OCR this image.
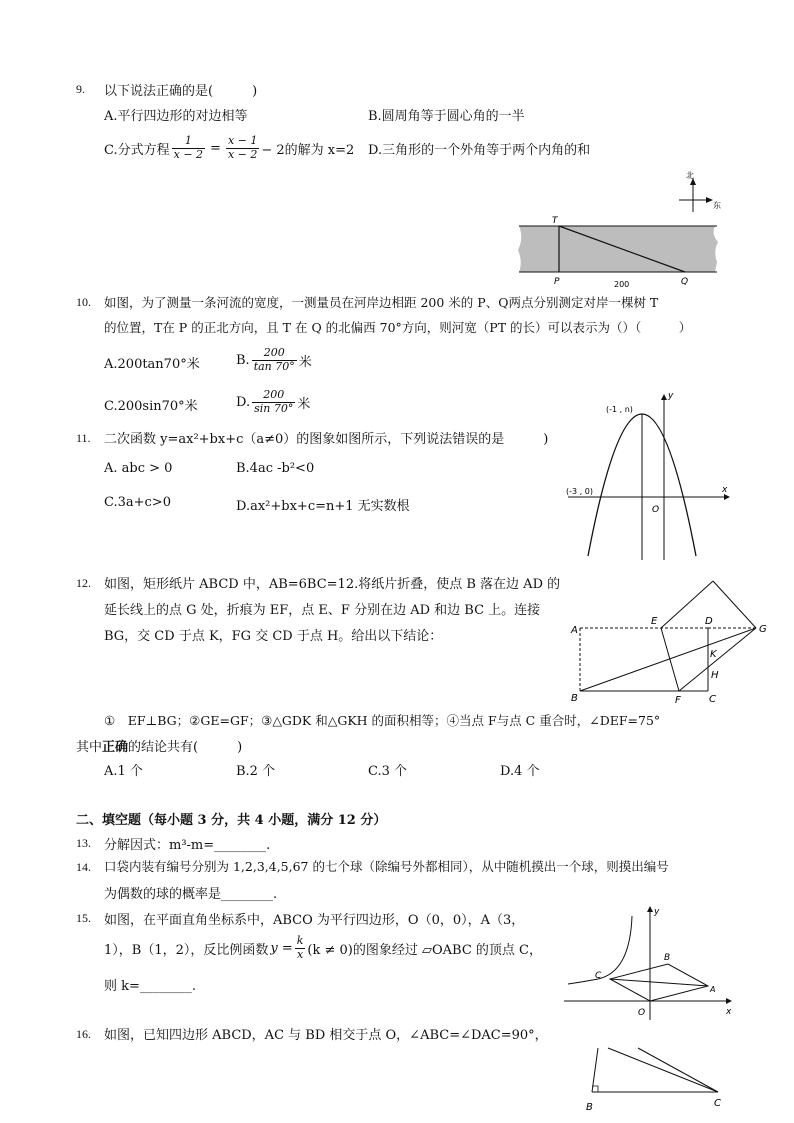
9. 以下说法正确的是(　　　)
A.平行四边形的对边相等	B.圆周角等于圆心角的一半
C.分式方程 $\frac{1}{x - 2} = \frac{x - 1}{x - 2} - 2$的解为 x=2 D.三角形的一个外角等于两个内角的和
北
东
T
P	Q
200
10. 如图，为了测量一条河流的宽度，一测量员在河岸边相距 200 米的 P、Q两点分别测定对岸一棵树 T
的位置，T在 P 的正北方向，且 T 在 Q 的北偏西 70°方向，则河宽（PT 的长）可以表示为（）（　　　）
A.200tan70°米	B. $\frac{200}{\tan 70^\circ}$ 米
C.200sin70°米	D. $\frac{200}{\sin 70^\circ}$ 米	(-1 , n)
(-3 , 0)
y
x
O
11. 二次函数 y=ax²+bx+c（a≠0）的图象如图所示，下列说法错误的是　　　)
A. abc > 0	B.4ac -b²<0
C.3a+c>0	D.ax²+bx+c=n+1 无实数根
A
B	C
D
E
F
G
H
K
12. 如图，矩形纸片 ABCD 中，AB=6BC=12.将纸片折叠，使点 B 落在边 AD 的
延长线上的点 G 处，折痕为 EF，点 E、F 分别在边 AD 和边 BC 上。连接
BG，交 CD 于点 K，FG 交 CD 于点 H。给出以下结论：
①　EF⊥BG；②GE=GF；③△GDK 和△GKH 的面积相等；④当点 F与点 C 重合时，∠DEF=75°
其中正确的结论共有(　　　)
A.1 个	B.2 个	C.3 个	D.4 个
二、填空题（每小题 3 分，共 4 小题，满分 12 分）
13. 分解因式：m³-m=________.
14. 口袋内装有编号分别为 1,2,3,4,5,67 的七个球（除编号外都相同），从中随机摸出一个球，则摸出编号
为偶数的球的概率是________.
y
x
O
A
B
C
15. 如图，在平面直角坐标系中，ABCO 为平行四边形，O（0，0），A（3，
1），B（1，2），反比例函数 $y = \frac{k}{x} (k \ne 0)$的图象经过 ▱OABC 的顶点 C，
则 k=________.
16. 如图，已知四边形 ABCD，AC 与 BD 相交于点 O，∠ABC=∠DAC=90°，
B	C
